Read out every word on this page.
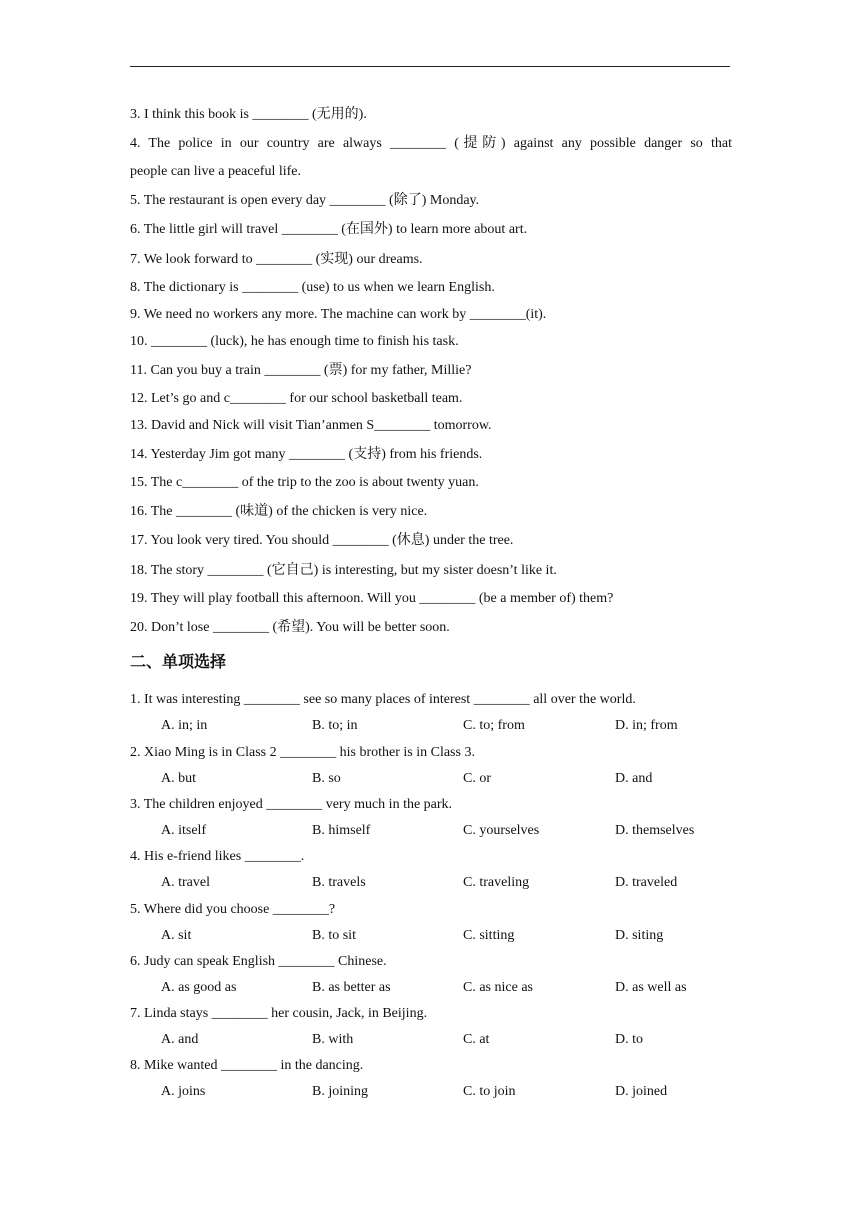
3. I think this book is ________ (无用的).
4. The police in our country are always ________ (提防) against any possible danger so that
people can live a peaceful life.
5. The restaurant is open every day ________ (除了) Monday.
6. The little girl will travel ________ (在国外) to learn more about art.
7. We look forward to ________ (实现) our dreams.
8. The dictionary is ________ (use) to us when we learn English.
9. We need no workers any more. The machine can work by ________(it).
10. ________ (luck), he has enough time to finish his task.
11. Can you buy a train ________ (票) for my father, Millie?
12. Let’s go and c________ for our school basketball team.
13. David and Nick will visit Tian’anmen S________ tomorrow.
14. Yesterday Jim got many ________ (支持) from his friends.
15. The c________ of the trip to the zoo is about twenty yuan.
16. The ________ (味道) of the chicken is very nice.
17. You look very tired. You should ________ (休息) under the tree.
18. The story ________ (它自己) is interesting, but my sister doesn’t like it.
19. They will play football this afternoon. Will you ________ (be a member of) them?
20. Don’t lose ________ (希望). You will be better soon.
二、单项选择
1. It was interesting ________ see so many places of interest ________ all over the world.
A. in; in	B. to; in	C. to; from	D. in; from
2. Xiao Ming is in Class 2 ________ his brother is in Class 3.
A. but	B. so	C. or	D. and
3. The children enjoyed ________ very much in the park.
A. itself	B. himself	C. yourselves	D. themselves
4. His e-friend likes ________.
A. travel	B. travels	C. traveling	D. traveled
5. Where did you choose ________?
A. sit	B. to sit	C. sitting	D. siting
6. Judy can speak English ________ Chinese.
A. as good as	B. as better as	C. as nice as	D. as well as
7. Linda stays ________ her cousin, Jack, in Beijing.
A. and	B. with	C. at	D. to
8. Mike wanted ________ in the dancing.
A. joins	B. joining	C. to join	D. joined
